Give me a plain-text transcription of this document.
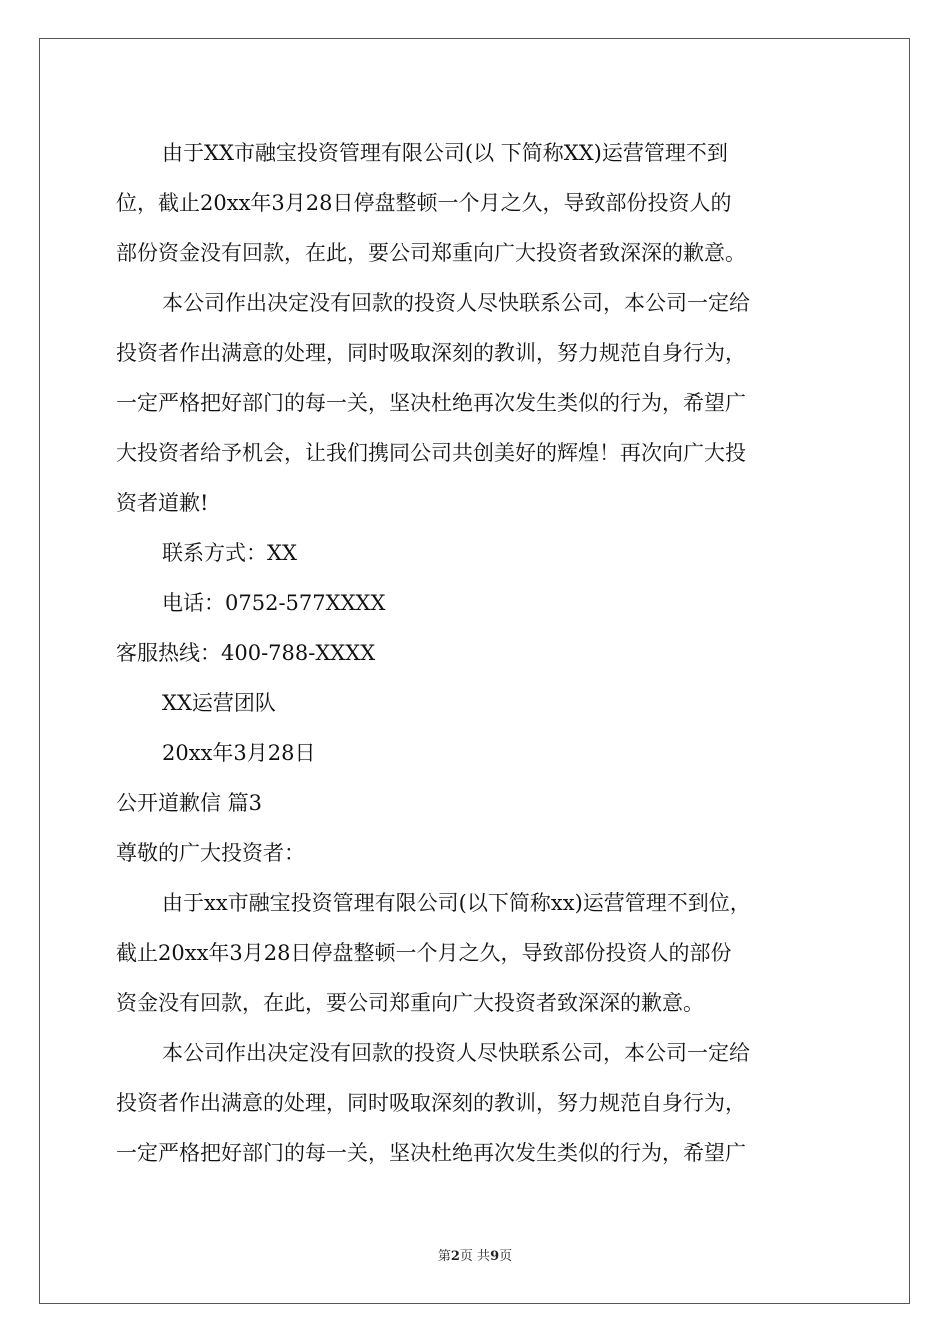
由于XX市融宝投资管理有限公司(以 下简称XX)运营管理不到

位，截止20xx年3月28日停盘整顿一个月之久，导致部份投资人的

部份资金没有回款，在此，要公司郑重向广大投资者致深深的歉意。

本公司作出决定没有回款的投资人尽快联系公司，本公司一定给

投资者作出满意的处理，同时吸取深刻的教训，努力规范自身行为，

一定严格把好部门的每一关，坚决杜绝再次发生类似的行为，希望广

大投资者给予机会，让我们携同公司共创美好的辉煌！再次向广大投

资者道歉!

联系方式：XX

电话：0752-577XXXX

客服热线：400-788-XXXX

XX运营团队

20xx年3月28日

公开道歉信 篇3

尊敬的广大投资者：

由于xx市融宝投资管理有限公司(以下简称xx)运营管理不到位，

截止20xx年3月28日停盘整顿一个月之久，导致部份投资人的部份

资金没有回款，在此，要公司郑重向广大投资者致深深的歉意。

本公司作出决定没有回款的投资人尽快联系公司，本公司一定给

投资者作出满意的处理，同时吸取深刻的教训，努力规范自身行为，

一定严格把好部门的每一关，坚决杜绝再次发生类似的行为，希望广

第2页 共9页
